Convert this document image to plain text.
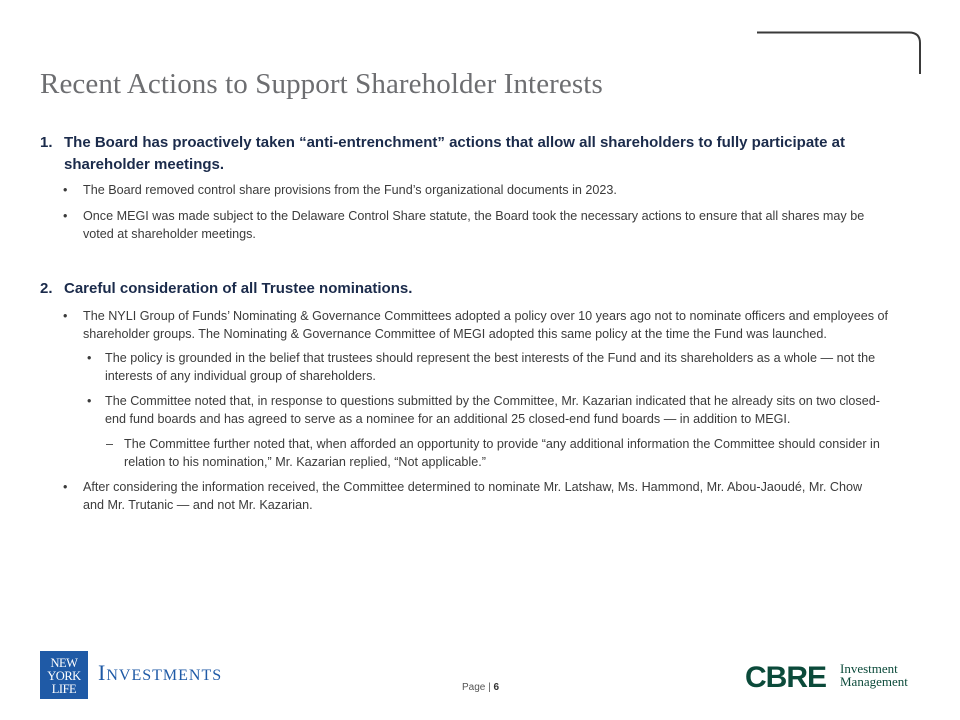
Recent Actions to Support Shareholder Interests
1. The Board has proactively taken “anti-entrenchment” actions that allow all shareholders to fully participate at
shareholder meetings.
• The Board removed control share provisions from the Fund’s organizational documents in 2023.
• Once MEGI was made subject to the Delaware Control Share statute, the Board took the necessary actions to ensure that all shares may be
voted at shareholder meetings.
2. Careful consideration of all Trustee nominations.
• The NYLI Group of Funds’ Nominating & Governance Committees adopted a policy over 10 years ago not to nominate officers and employees of
shareholder groups. The Nominating & Governance Committee of MEGI adopted this same policy at the time the Fund was launched.
• The policy is grounded in the belief that trustees should represent the best interests of the Fund and its shareholders as a whole — not the
interests of any individual group of shareholders.
• The Committee noted that, in response to questions submitted by the Committee, Mr. Kazarian indicated that he already sits on two closed-
end fund boards and has agreed to serve as a nominee for an additional 25 closed-end fund boards — in addition to MEGI.
– The Committee further noted that, when afforded an opportunity to provide “any additional information the Committee should consider in
relation to his nomination,” Mr. Kazarian replied, “Not applicable.”
• After considering the information received, the Committee determined to nominate Mr. Latshaw, Ms. Hammond, Mr. Abou-Jaoudé, Mr. Chow
and Mr. Trutanic — and not Mr. Kazarian.
NEW
YORK
LIFE
INVESTMENTS
Page | 6	CBRE Investment
Management
